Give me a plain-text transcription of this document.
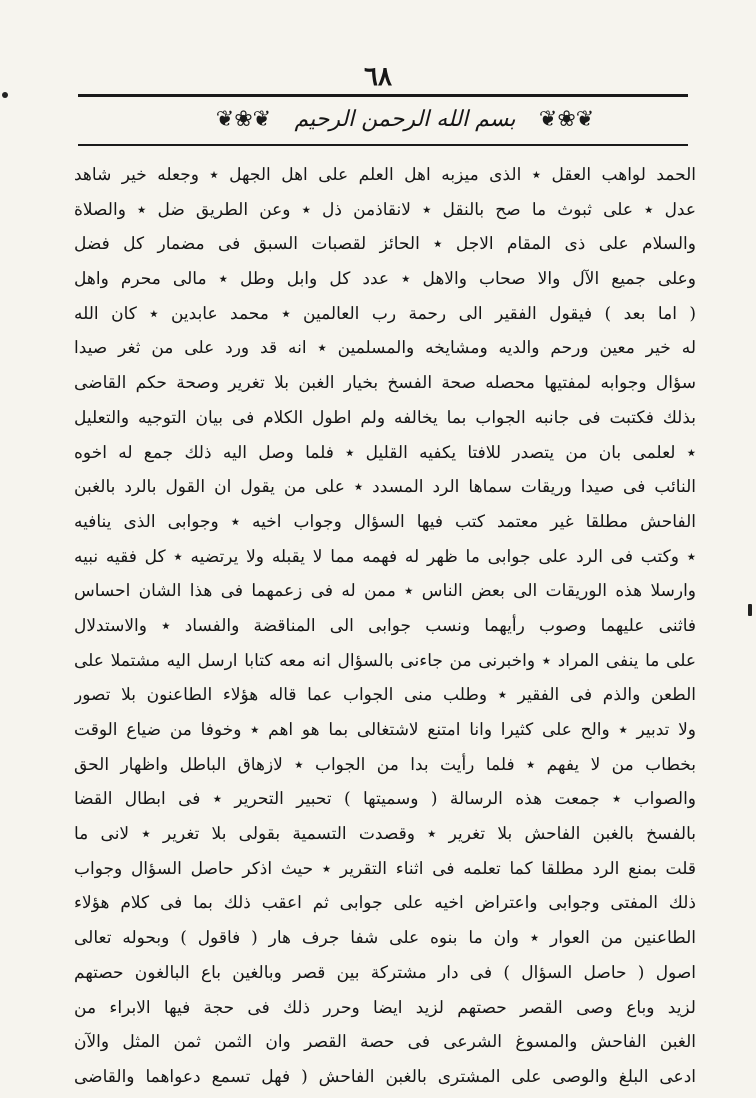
٦٨
❦❀❦	بسم الله الرحمن الرحيم	❦❀❦
الحمد لواهب العقل ٭ الذى ميزبه اهل العلم على اهل الجهل ٭ وجعله خير شاهد
عدل ٭ على ثبوث ما صح بالنقل ٭ لانقاذمن ذل ٭ وعن الطريق ضل ٭ والصلاة
والسلام على ذى المقام الاجل ٭ الحائز لقصبات السبق فى مضمار كل فضل
وعلى جميع الآل والا صحاب والاهل ٭ عدد كل وابل وطل ٭ مالى محرم واهل
( اما بعد ) فيقول الفقير الى رحمة رب العالمين ٭ محمد عابدين ٭ كان الله
له خير معين ورحم والديه ومشايخه والمسلمين ٭ انه قد ورد على من ثغر صيدا
سؤال وجوابه لمفتيها محصله صحة الفسخ بخيار الغبن بلا تغرير وصحة حكم القاضى
بذلك فكتبت فى جانبه الجواب بما يخالفه ولم اطول الكلام فى بيان التوجيه والتعليل
٭ لعلمى بان من يتصدر للافتا يكفيه القليل ٭ فلما وصل اليه ذلك جمع له اخوه
النائب فى صيدا وريقات سماها الرد المسدد ٭ على من يقول ان القول بالرد بالغبن
الفاحش مطلقا غير معتمد كتب فيها السؤال وجواب اخيه ٭ وجوابى الذى ينافيه
٭ وكتب فى الرد على جوابى ما ظهر له فهمه مما لا يقبله ولا يرتضيه ٭ كل فقيه نبيه
وارسلا هذه الوريقات الى بعض الناس ٭ ممن له فى زعمهما فى هذا الشان احساس
فاثنى عليهما وصوب رأيهما ونسب جوابى الى المناقضة والفساد ٭ والاستدلال
على ما ينفى المراد ٭ واخبرنى من جاءنى بالسؤال انه معه كتابا ارسل اليه مشتملا على
الطعن والذم فى الفقير ٭ وطلب منى الجواب عما قاله هؤلاء الطاعنون بلا تصور
ولا تدبير ٭ والح على كثيرا وانا امتنع لاشتغالى بما هو اهم ٭ وخوفا من ضياع الوقت
بخطاب من لا يفهم ٭ فلما رأيت بدا من الجواب ٭ لازهاق الباطل واظهار الحق
والصواب ٭ جمعت هذه الرسالة ( وسميتها ) تحبير التحرير ٭ فى ابطال القضا
بالفسخ بالغبن الفاحش بلا تغرير ٭ وقصدت التسمية بقولى بلا تغرير ٭ لانى ما
قلت بمنع الرد مطلقا كما تعلمه فى اثناء التقرير ٭ حيث اذكر حاصل السؤال وجواب
ذلك المفتى وجوابى واعتراض اخيه على جوابى ثم اعقب ذلك بما فى كلام هؤلاء
الطاعنين من العوار ٭ وان ما بنوه على شفا جرف هار ( فاقول ) وبحوله تعالى
اصول ( حاصل السؤال ) فى دار مشتركة بين قصر وبالغين باع البالغون حصتهم
لزيد وباع وصى القصر حصتهم لزيد ايضا وحرر ذلك فى حجة فيها الابراء من
الغبن الفاحش والمسوغ الشرعى فى حصة القصر وان الثمن ثمن المثل والآن
ادعى البلغ والوصى على المشترى بالغبن الفاحش ( فهل تسمع دعواهما والقاضى
